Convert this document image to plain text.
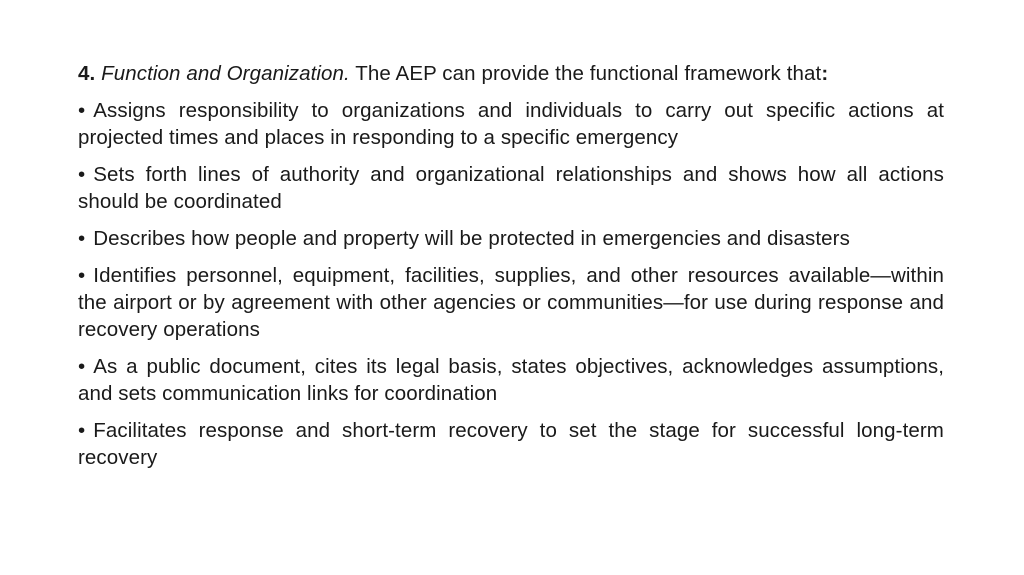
4. Function and Organization. The AEP can provide the functional framework that:

• Assigns responsibility to organizations and individuals to carry out specific actions at projected times and places in responding to a specific emergency

• Sets forth lines of authority and organizational relationships and shows how all actions should be coordinated

• Describes how people and property will be protected in emergencies and disasters

• Identifies personnel, equipment, facilities, supplies, and other resources available—within the airport or by agreement with other agencies or communities—for use during response and recovery operations

• As a public document, cites its legal basis, states objectives, acknowledges assumptions, and sets communication links for coordination

• Facilitates response and short-term recovery to set the stage for successful long-term recovery
